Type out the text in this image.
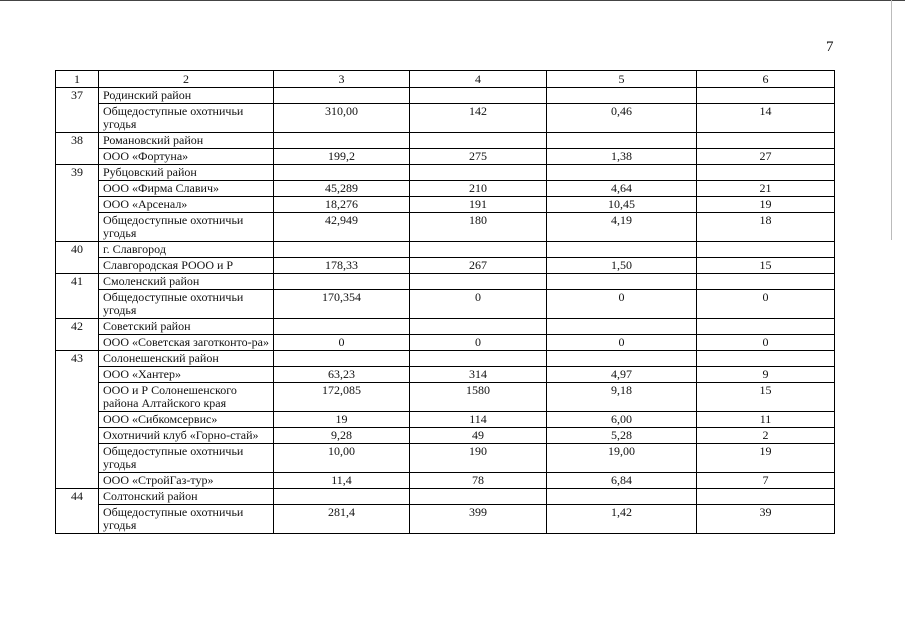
7
1	2	3	4	5	6
37	Родинский район				
	Общедоступные охотничьи угодья	310,00	142	0,46	14
38	Романовский район				
	ООО «Фортуна»	199,2	275	1,38	27
39	Рубцовский район				
	ООО «Фирма Славич»	45,289	210	4,64	21
	ООО «Арсенал»	18,276	191	10,45	19
	Общедоступные охотничьи угодья	42,949	180	4,19	18
40	г. Славгород				
	Славгородская РООО и Р	178,33	267	1,50	15
41	Смоленский район				
	Общедоступные охотничьи угодья	170,354	0	0	0
42	Советский район				
	ООО «Советская заготконто-ра»	0	0	0	0
43	Солонешенский район				
	ООО «Хантер»	63,23	314	4,97	9
	ООО и Р Солонешенского района Алтайского края	172,085	1580	9,18	15
	ООО «Сибкомсервис»	19	114	6,00	11
	Охотничий клуб «Горно-стай»	9,28	49	5,28	2
	Общедоступные охотничьи угодья	10,00	190	19,00	19
	ООО «СтройГаз-тур»	11,4	78	6,84	7
44	Солтонский район				
	Общедоступные охотничьи угодья	281,4	399	1,42	39
